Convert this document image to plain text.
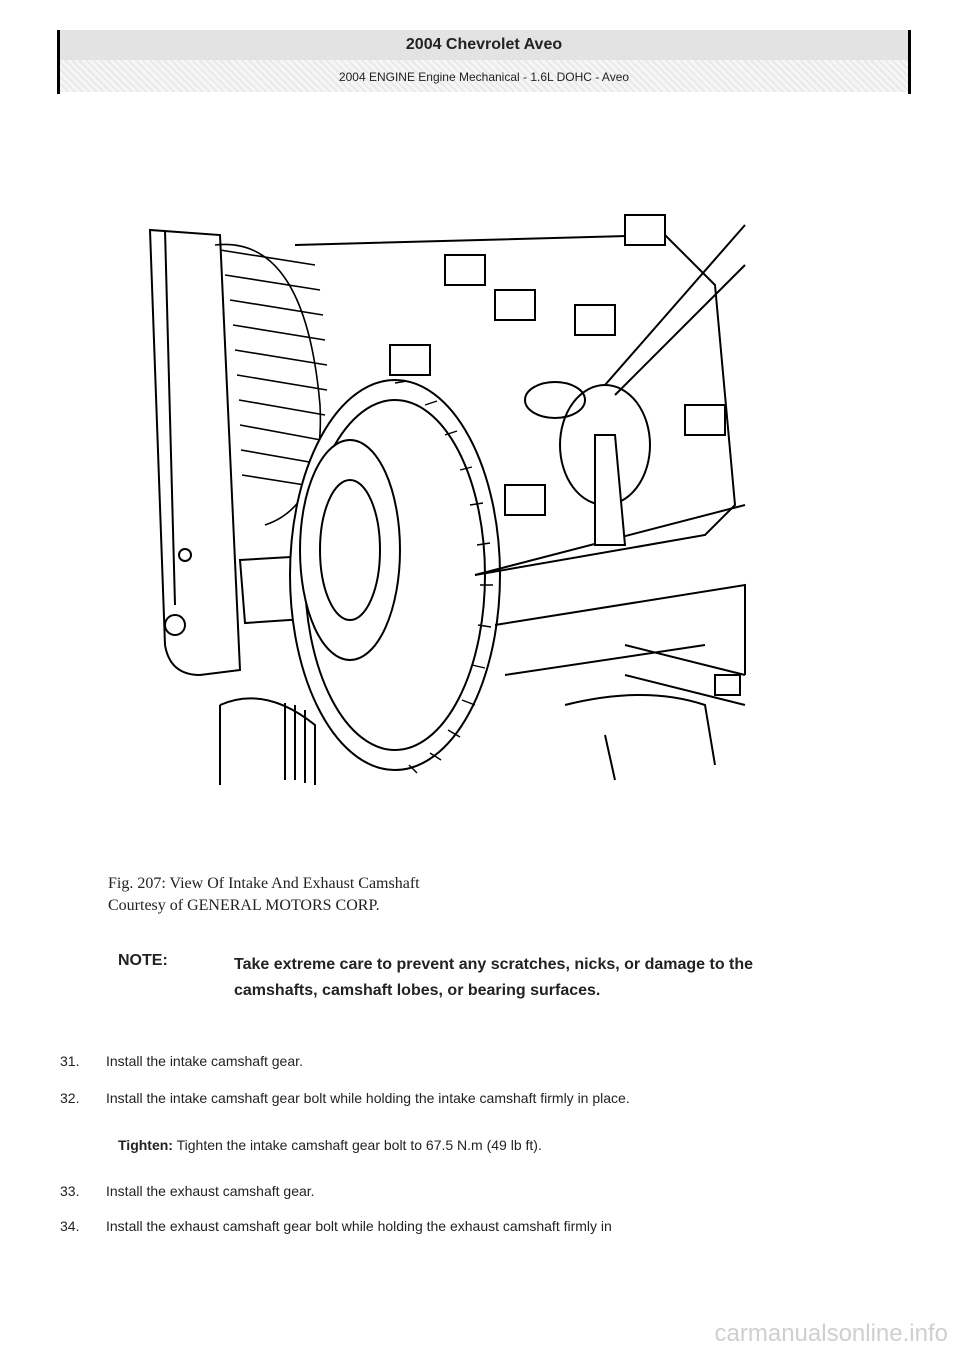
2004 Chevrolet Aveo
2004 ENGINE Engine Mechanical - 1.6L DOHC - Aveo
Fig. 207: View Of Intake And Exhaust Camshaft
Courtesy of GENERAL MOTORS CORP.
NOTE:	Take extreme care to prevent any scratches, nicks, or damage to the camshafts, camshaft lobes, or bearing surfaces.
31. Install the intake camshaft gear.
32. Install the intake camshaft gear bolt while holding the intake camshaft firmly in place.
Tighten: Tighten the intake camshaft gear bolt to 67.5 N.m (49 lb ft).
33. Install the exhaust camshaft gear.
34. Install the exhaust camshaft gear bolt while holding the exhaust camshaft firmly in
carmanualsonline.info
